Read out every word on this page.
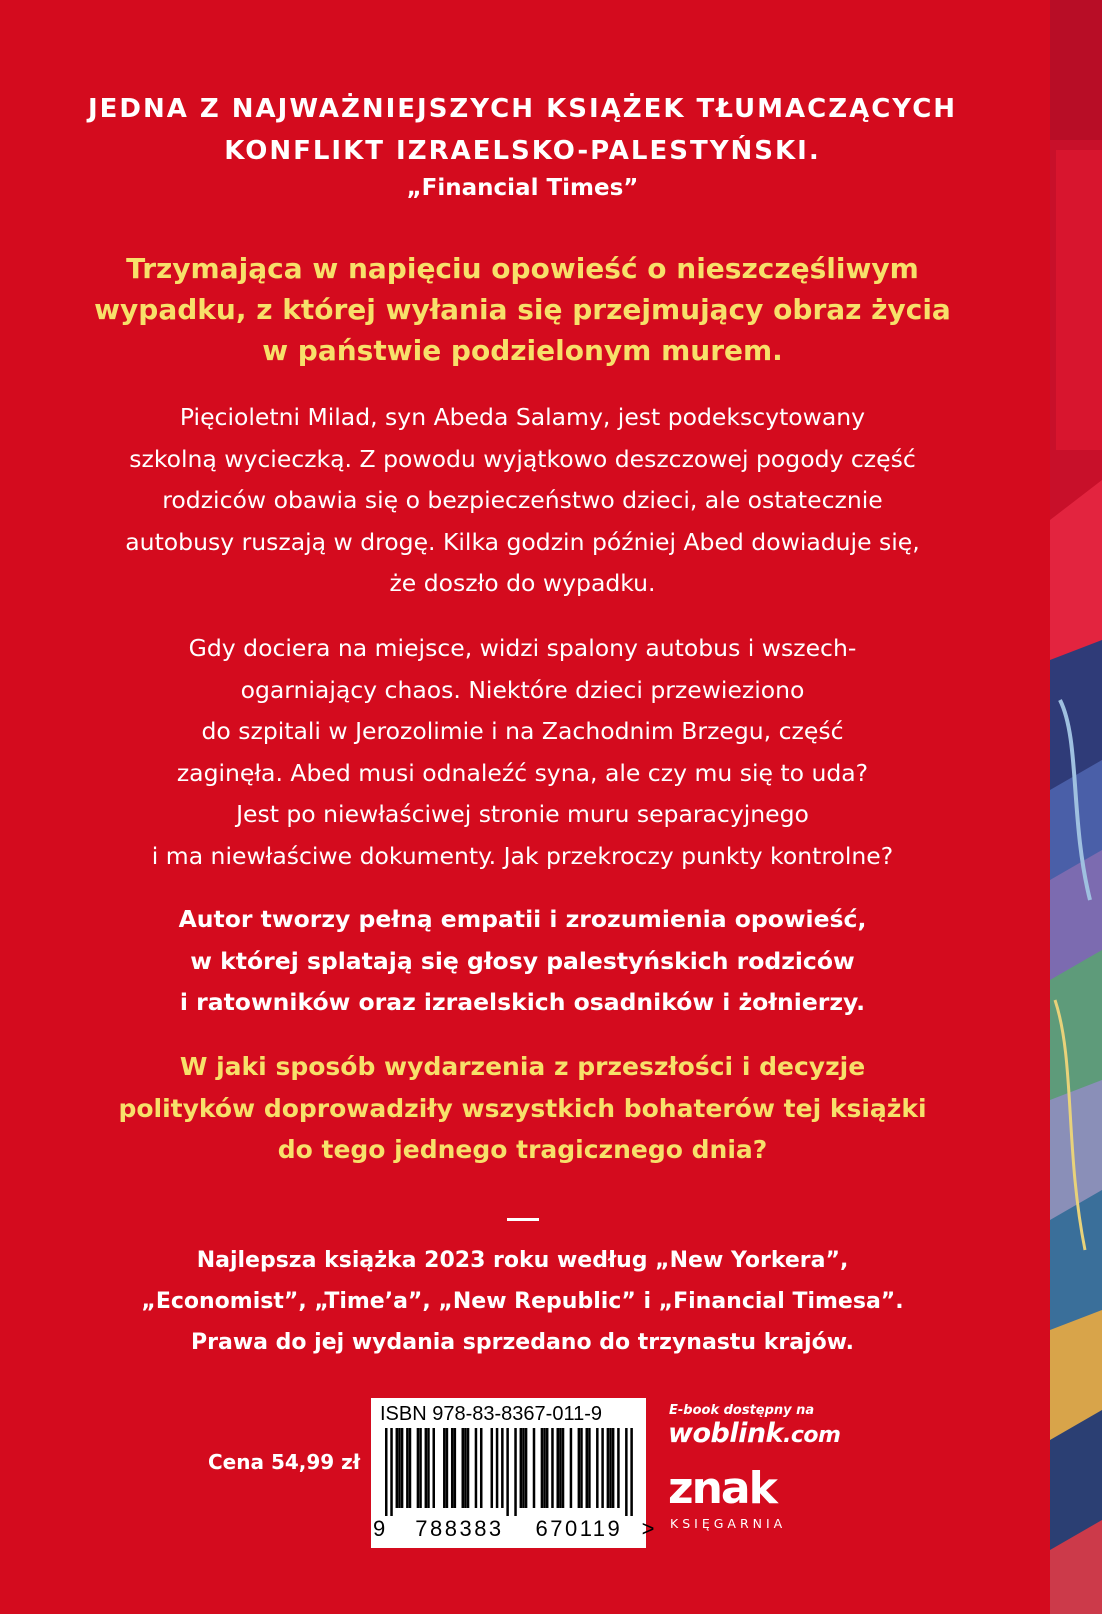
JEDNA Z NAJWAŻNIEJSZYCH KSIĄŻEK TŁUMACZĄCYCH
KONFLIKT IZRAELSKO-PALESTYŃSKI.
„Financial Times”
Trzymająca w napięciu opowieść o nieszczęśliwym
wypadku, z której wyłania się przejmujący obraz życia
w państwie podzielonym murem.
Pięcioletni Milad, syn Abeda Salamy, jest podekscytowany
szkolną wycieczką. Z powodu wyjątkowo deszczowej pogody część
rodziców obawia się o bezpieczeństwo dzieci, ale ostatecznie
autobusy ruszają w drogę. Kilka godzin później Abed dowiaduje się,
że doszło do wypadku.
Gdy dociera na miejsce, widzi spalony autobus i wszech-
ogarniający chaos. Niektóre dzieci przewieziono
do szpitali w Jerozolimie i na Zachodnim Brzegu, część
zaginęła. Abed musi odnaleźć syna, ale czy mu się to uda?
Jest po niewłaściwej stronie muru separacyjnego
i ma niewłaściwe dokumenty. Jak przekroczy punkty kontrolne?
Autor tworzy pełną empatii i zrozumienia opowieść,
w której splatają się głosy palestyńskich rodziców
i ratowników oraz izraelskich osadników i żołnierzy.
W jaki sposób wydarzenia z przeszłości i decyzje
polityków doprowadziły wszystkich bohaterów tej książki
do tego jednego tragicznego dnia?
Najlepsza książka 2023 roku według „New Yorkera”,
„Economist”, „Time’a”, „New Republic” i „Financial Timesa”.
Prawa do jej wydania sprzedano do trzynastu krajów.
Cena 54,99 zł
ISBN 978-83-8367-011-9
9 788383 670119 >
E-book dostępny na
woblink.com
znak
KSIĘGARNIA
